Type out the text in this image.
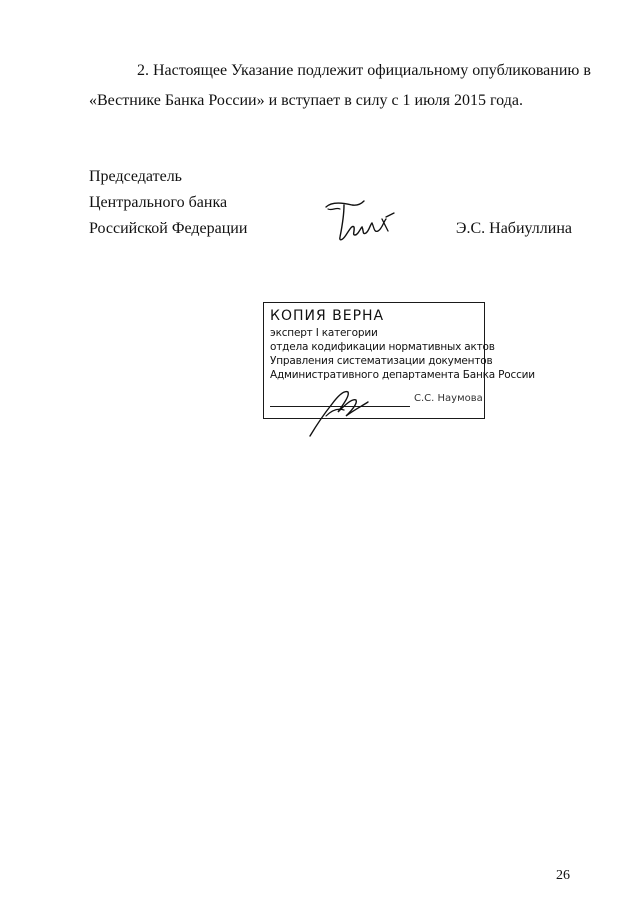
2. Настоящее Указание подлежит официальному опубликованию в
«Вестнике Банка России» и вступает в силу с 1 июля 2015 года.
Председатель
Центрального банка
Российской Федерации	Э.С. Набиуллина
КОПИЯ ВЕРНА
эксперт I категории
отдела кодификации нормативных актов
Управления систематизации документов
Административного департамента Банка России
С.С. Наумова
26
